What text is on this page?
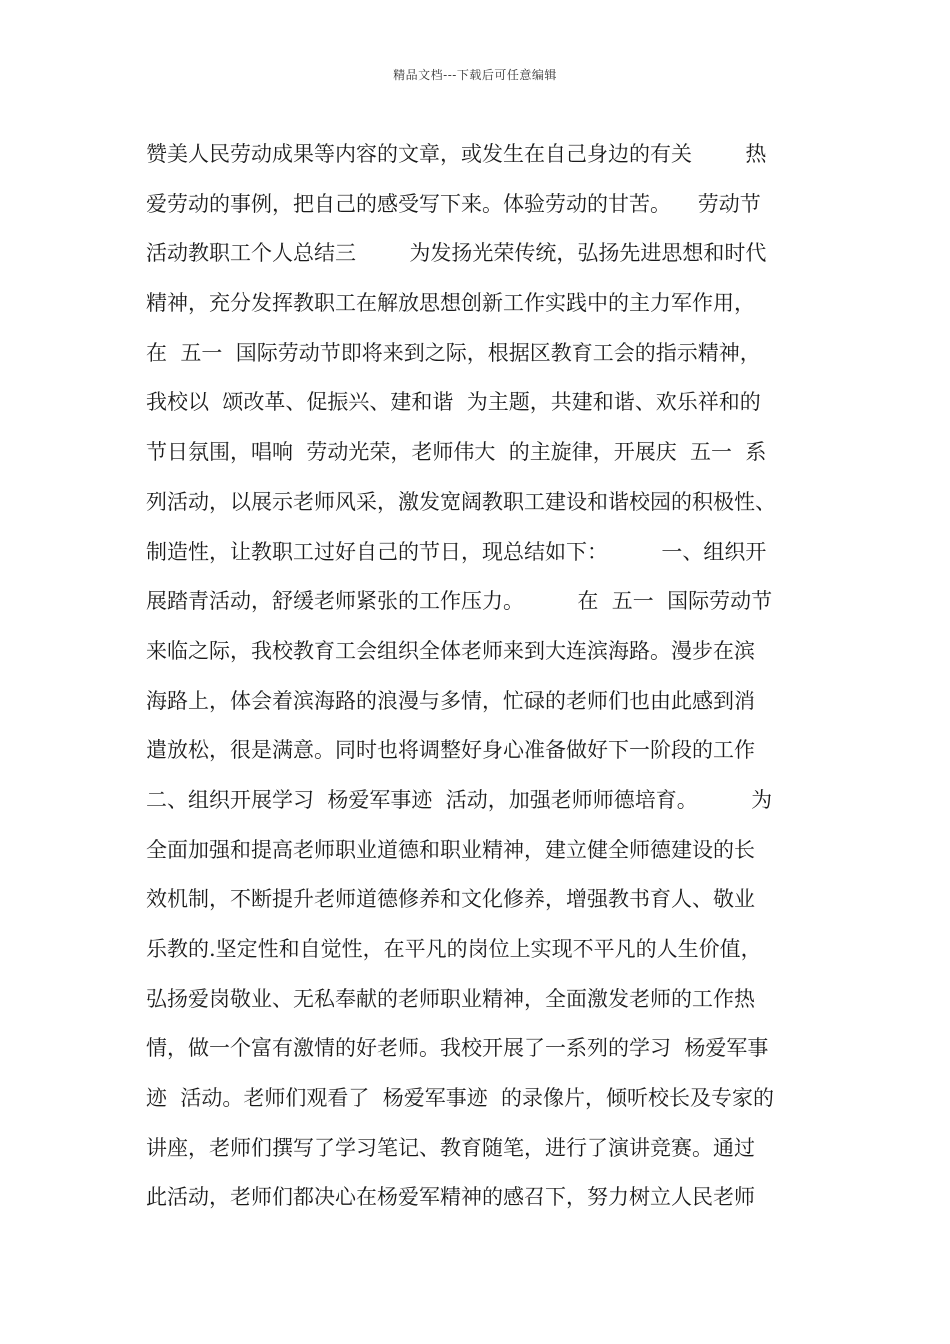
精品文档---下载后可任意编辑
赞美人民劳动成果等内容的文章，或发生在自己身边的有关        热
爱劳动的事例，把自己的感受写下来。体验劳动的甘苦。    劳动节
活动教职工个人总结三        为发扬光荣传统，弘扬先进思想和时代
精神，充分发挥教职工在解放思想创新工作实践中的主力军作用，
在  五一  国际劳动节即将来到之际，根据区教育工会的指示精神，
我校以  颂改革、促振兴、建和谐  为主题，共建和谐、欢乐祥和的
节日氛围，唱响  劳动光荣，老师伟大  的主旋律，开展庆  五一  系
列活动，以展示老师风采，激发宽阔教职工建设和谐校园的积极性、
制造性，让教职工过好自己的节日，现总结如下：        一、组织开
展踏青活动，舒缓老师紧张的工作压力。        在  五一  国际劳动节
来临之际，我校教育工会组织全体老师来到大连滨海路。漫步在滨
海路上，体会着滨海路的浪漫与多情，忙碌的老师们也由此感到消
遣放松，很是满意。同时也将调整好身心准备做好下一阶段的工作
二、组织开展学习  杨爱军事迹  活动，加强老师师德培育。        为
全面加强和提高老师职业道德和职业精神，建立健全师德建设的长
效机制，不断提升老师道德修养和文化修养，增强教书育人、敬业
乐教的.坚定性和自觉性，在平凡的岗位上实现不平凡的人生价值，
弘扬爱岗敬业、无私奉献的老师职业精神，全面激发老师的工作热
情，做一个富有激情的好老师。我校开展了一系列的学习  杨爱军事
迹  活动。老师们观看了  杨爱军事迹  的录像片，倾听校长及专家的
讲座，老师们撰写了学习笔记、教育随笔，进行了演讲竞赛。通过
此活动，老师们都决心在杨爱军精神的感召下，努力树立人民老师
